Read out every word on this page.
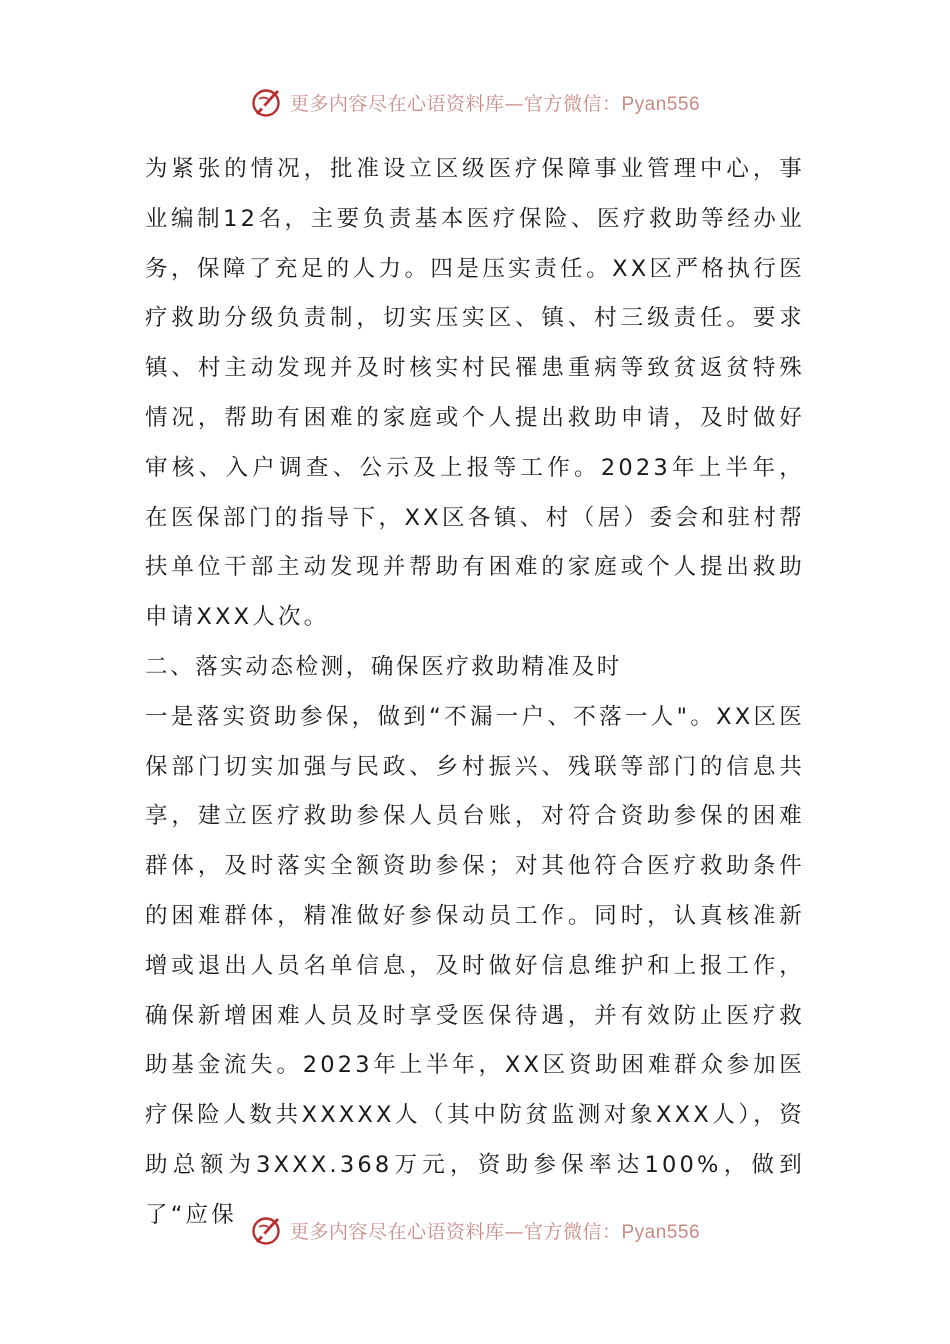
更多内容尽在心语资料库—官方微信：Pyan556

为紧张的情况，批准设立区级医疗保障事业管理中心，事业编制12名，主要负责基本医疗保险、医疗救助等经办业务，保障了充足的人力。四是压实责任。XX区严格执行医疗救助分级负责制，切实压实区、镇、村三级责任。要求镇、村主动发现并及时核实村民罹患重病等致贫返贫特殊情况，帮助有困难的家庭或个人提出救助申请，及时做好审核、入户调查、公示及上报等工作。2023年上半年，在医保部门的指导下，XX区各镇、村（居）委会和驻村帮扶单位干部主动发现并帮助有困难的家庭或个人提出救助申请XXX人次。

二、落实动态检测，确保医疗救助精准及时

一是落实资助参保，做到“不漏一户、不落一人"。XX区医保部门切实加强与民政、乡村振兴、残联等部门的信息共享，建立医疗救助参保人员台账，对符合资助参保的困难群体，及时落实全额资助参保；对其他符合医疗救助条件的困难群体，精准做好参保动员工作。同时，认真核准新增或退出人员名单信息，及时做好信息维护和上报工作，确保新增困难人员及时享受医保待遇，并有效防止医疗救助基金流失。2023年上半年，XX区资助困难群众参加医疗保险人数共XXXXX人（其中防贫监测对象XXX人），资助总额为3XXX.368万元，资助参保率达100%，做到了“应保

更多内容尽在心语资料库—官方微信：Pyan556
